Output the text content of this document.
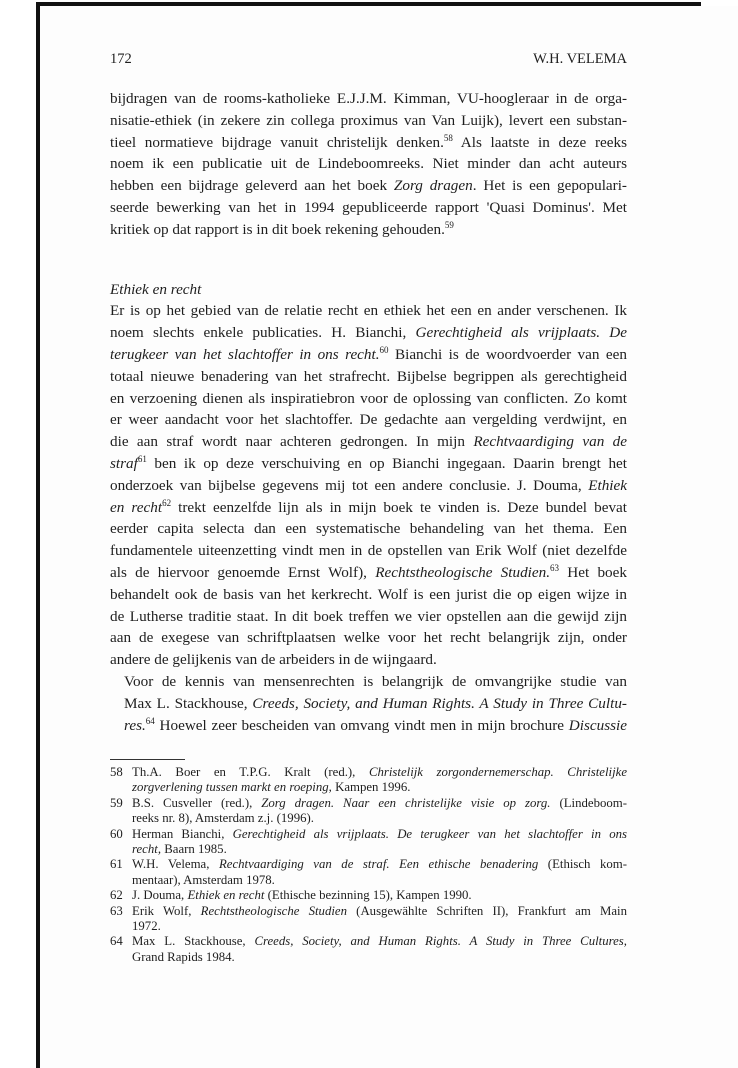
172	W.H. VELEMA
bijdragen van de rooms-katholieke E.J.J.M. Kimman, VU-hoogleraar in de orga-
nisatie-ethiek (in zekere zin collega proximus van Van Luijk), levert een substan-
tieel normatieve bijdrage vanuit christelijk denken.$^{58}$ Als laatste in deze reeks
noem ik een publicatie uit de Lindeboomreeks. Niet minder dan acht auteurs
hebben een bijdrage geleverd aan het boek Zorg dragen. Het is een gepopulari-
seerde bewerking van het in 1994 gepubliceerde rapport 'Quasi Dominus'. Met
kritiek op dat rapport is in dit boek rekening gehouden.$^{59}$
Ethiek en recht
Er is op het gebied van de relatie recht en ethiek het een en ander verschenen. Ik
noem slechts enkele publicaties. H. Bianchi, Gerechtigheid als vrijplaats. De
terugkeer van het slachtoffer in ons recht.$^{60}$ Bianchi is de woordvoerder van een
totaal nieuwe benadering van het strafrecht. Bijbelse begrippen als gerechtigheid
en verzoening dienen als inspiratiebron voor de oplossing van conflicten. Zo komt
er weer aandacht voor het slachtoffer. De gedachte aan vergelding verdwijnt, en
die aan straf wordt naar achteren gedrongen. In mijn Rechtvaardiging van de
straf$^{61}$ ben ik op deze verschuiving en op Bianchi ingegaan. Daarin brengt het
onderzoek van bijbelse gegevens mij tot een andere conclusie. J. Douma, Ethiek
en recht$^{62}$ trekt eenzelfde lijn als in mijn boek te vinden is. Deze bundel bevat
eerder capita selecta dan een systematische behandeling van het thema. Een
fundamentele uiteenzetting vindt men in de opstellen van Erik Wolf (niet dezelfde
als de hiervoor genoemde Ernst Wolf), Rechtstheologische Studien.$^{63}$ Het boek
behandelt ook de basis van het kerkrecht. Wolf is een jurist die op eigen wijze in
de Lutherse traditie staat. In dit boek treffen we vier opstellen aan die gewijd zijn
aan de exegese van schriftplaatsen welke voor het recht belangrijk zijn, onder
andere de gelijkenis van de arbeiders in de wijngaard.
Voor de kennis van mensenrechten is belangrijk de omvangrijke studie van
Max L. Stackhouse, Creeds, Society, and Human Rights. A Study in Three Cultu-
res.$^{64}$ Hoewel zeer bescheiden van omvang vindt men in mijn brochure Discussie
58 Th.A. Boer en T.P.G. Kralt (red.), Christelijk zorgondernemerschap. Christelijke
zorgverlening tussen markt en roeping, Kampen 1996.
59 B.S. Cusveller (red.), Zorg dragen. Naar een christelijke visie op zorg. (Lindeboom-
reeks nr. 8), Amsterdam z.j. (1996).
60 Herman Bianchi, Gerechtigheid als vrijplaats. De terugkeer van het slachtoffer in ons
recht, Baarn 1985.
61 W.H. Velema, Rechtvaardiging van de straf. Een ethische benadering (Ethisch kom-
mentaar), Amsterdam 1978.
62 J. Douma, Ethiek en recht (Ethische bezinning 15), Kampen 1990.
63 Erik Wolf, Rechtstheologische Studien (Ausgewählte Schriften II), Frankfurt am Main
1972.
64 Max L. Stackhouse, Creeds, Society, and Human Rights. A Study in Three Cultures,
Grand Rapids 1984.
